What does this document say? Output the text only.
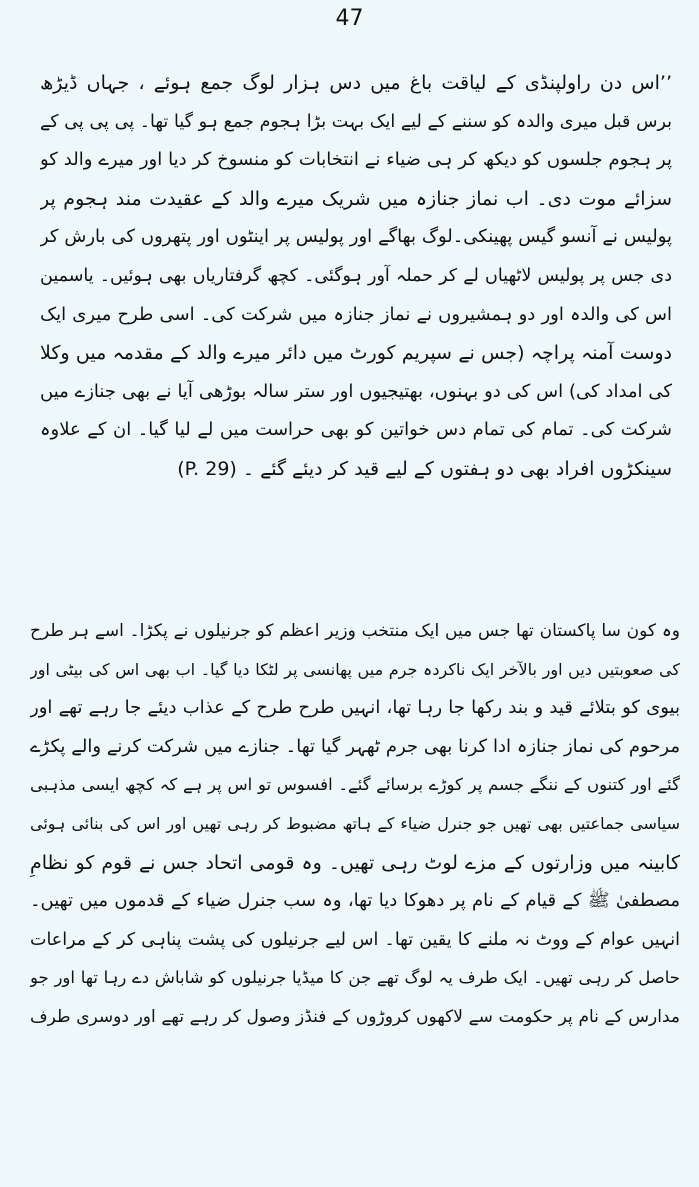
47
’’اس دن راولپنڈی کے لیاقت باغ میں دس ہزار لوگ جمع ہوئے ، جہاں ڈیڑھ
برس قبل میری والدہ کو سننے کے لیے ایک بہت بڑا ہجوم جمع ہو گیا تھا۔ پی پی پی کے
پر ہجوم جلسوں کو دیکھ کر ہی ضیاء نے انتخابات کو منسوخ کر دیا اور میرے والد کو
سزائے موت دی۔ اب نماز جنازہ میں شریک میرے والد کے عقیدت مند ہجوم پر
پولیس نے آنسو گیس پھینکی۔لوگ بھاگے اور پولیس پر اینٹوں اور پتھروں کی بارش کر
دی جس پر پولیس لاٹھیاں لے کر حملہ آور ہوگئی۔ کچھ گرفتاریاں بھی ہوئیں۔ یاسمین
اس کی والدہ اور دو ہمشیروں نے نماز جنازہ میں شرکت کی۔ اسی طرح میری ایک
دوست آمنہ پراچہ (جس نے سپریم کورٹ میں دائر میرے والد کے مقدمہ میں وکلا
کی امداد کی) اس کی دو بہنوں، بھتیجیوں اور ستر سالہ بوڑھی آیا نے بھی جنازے میں
شرکت کی۔ تمام کی تمام دس خواتین کو بھی حراست میں لے لیا گیا۔ ان کے علاوہ
سینکڑوں افراد بھی دو ہفتوں کے لیے قید کر دیئے گئے ۔ (P. 29)
وہ کون سا پاکستان تھا جس میں ایک منتخب وزیر اعظم کو جرنیلوں نے پکڑا۔ اسے ہر طرح
کی صعوبتیں دیں اور بالآخر ایک ناکردہ جرم میں پھانسی پر لٹکا دیا گیا۔ اب بھی اس کی بیٹی اور
بیوی کو بتلائے قید و بند رکھا جا رہا تھا، انہیں طرح طرح کے عذاب دیئے جا رہے تھے اور
مرحوم کی نماز جنازہ ادا کرنا بھی جرم ٹھہر گیا تھا۔ جنازے میں شرکت کرنے والے پکڑے
گئے اور کتنوں کے ننگے جسم پر کوڑے برسائے گئے۔ افسوس تو اس پر ہے کہ کچھ ایسی مذہبی
سیاسی جماعتیں بھی تھیں جو جنرل ضیاء کے ہاتھ مضبوط کر رہی تھیں اور اس کی بنائی ہوئی
کابینہ میں وزارتوں کے مزے لوٹ رہی تھیں۔ وہ قومی اتحاد جس نے قوم کو نظامِ
مصطفیٰ ﷺ کے قیام کے نام پر دھوکا دیا تھا، وہ سب جنرل ضیاء کے قدموں میں تھیں۔
انہیں عوام کے ووٹ نہ ملنے کا یقین تھا۔ اس لیے جرنیلوں کی پشت پناہی کر کے مراعات
حاصل کر رہی تھیں۔ ایک طرف یہ لوگ تھے جن کا میڈیا جرنیلوں کو شاباش دے رہا تھا اور جو
مدارس کے نام پر حکومت سے لاکھوں کروڑوں کے فنڈز وصول کر رہے تھے اور دوسری طرف
